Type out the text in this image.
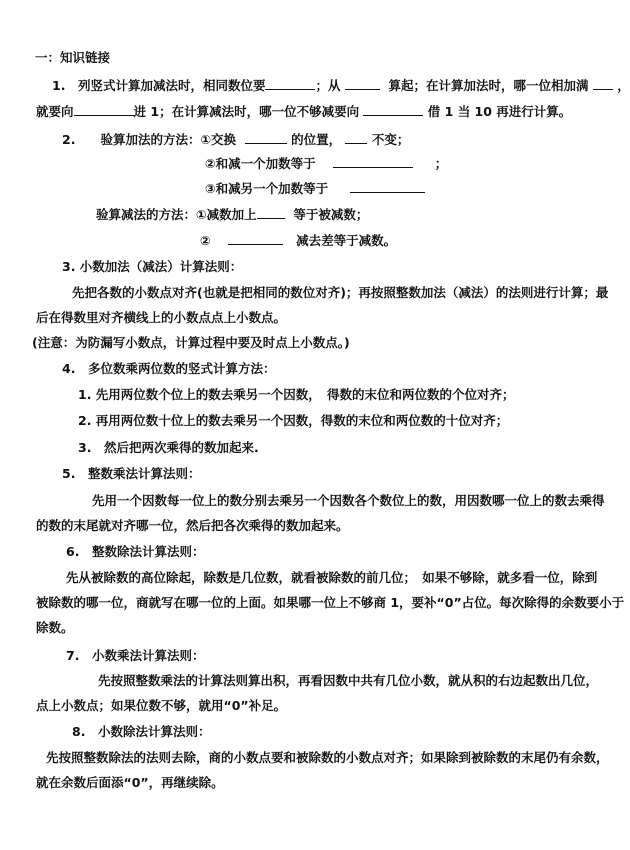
一：知识链接
1.　列竖式计算加减法时，相同数位要	；从	算起；在计算加法时，哪一位相加满 ，
就要向	进 1；在计算减法时，哪一位不够减要向	借 1 当 10 再进行计算。
2.　　验算加法的方法：①交换	的位置， 不变；
②和减一个加数等于	；
③和减另一个加数等于
验算减法的方法：①减数加上	等于被减数；
②	减去差等于减数。
3. 小数加法（减法）计算法则：
先把各数的小数点对齐(也就是把相同的数位对齐)；再按照整数加法（减法）的法则进行计算；最
后在得数里对齐横线上的小数点点上小数点。
(注意：为防漏写小数点，计算过程中要及时点上小数点。)
4.　多位数乘两位数的竖式计算方法：
1. 先用两位数个位上的数去乘另一个因数，　得数的末位和两位数的个位对齐；
2. 再用两位数十位上的数去乘另一个因数，得数的末位和两位数的十位对齐；
3.　然后把两次乘得的数加起来.
5.　整数乘法计算法则：
先用一个因数每一位上的数分别去乘另一个因数各个数位上的数，用因数哪一位上的数去乘得
的数的末尾就对齐哪一位，然后把各次乘得的数加起来。
6.　整数除法计算法则：
先从被除数的高位除起，除数是几位数，就看被除数的前几位；　如果不够除，就多看一位，除到
被除数的哪一位，商就写在哪一位的上面。如果哪一位上不够商 1，要补“0”占位。每次除得的余数要小于
除数。
7.　小数乘法计算法则：
先按照整数乘法的计算法则算出积，再看因数中共有几位小数，就从积的右边起数出几位，
点上小数点；如果位数不够，就用“0”补足。
8.　小数除法计算法则：
先按照整数除法的法则去除，商的小数点要和被除数的小数点对齐；如果除到被除数的末尾仍有余数，
就在余数后面添“0”，再继续除。
